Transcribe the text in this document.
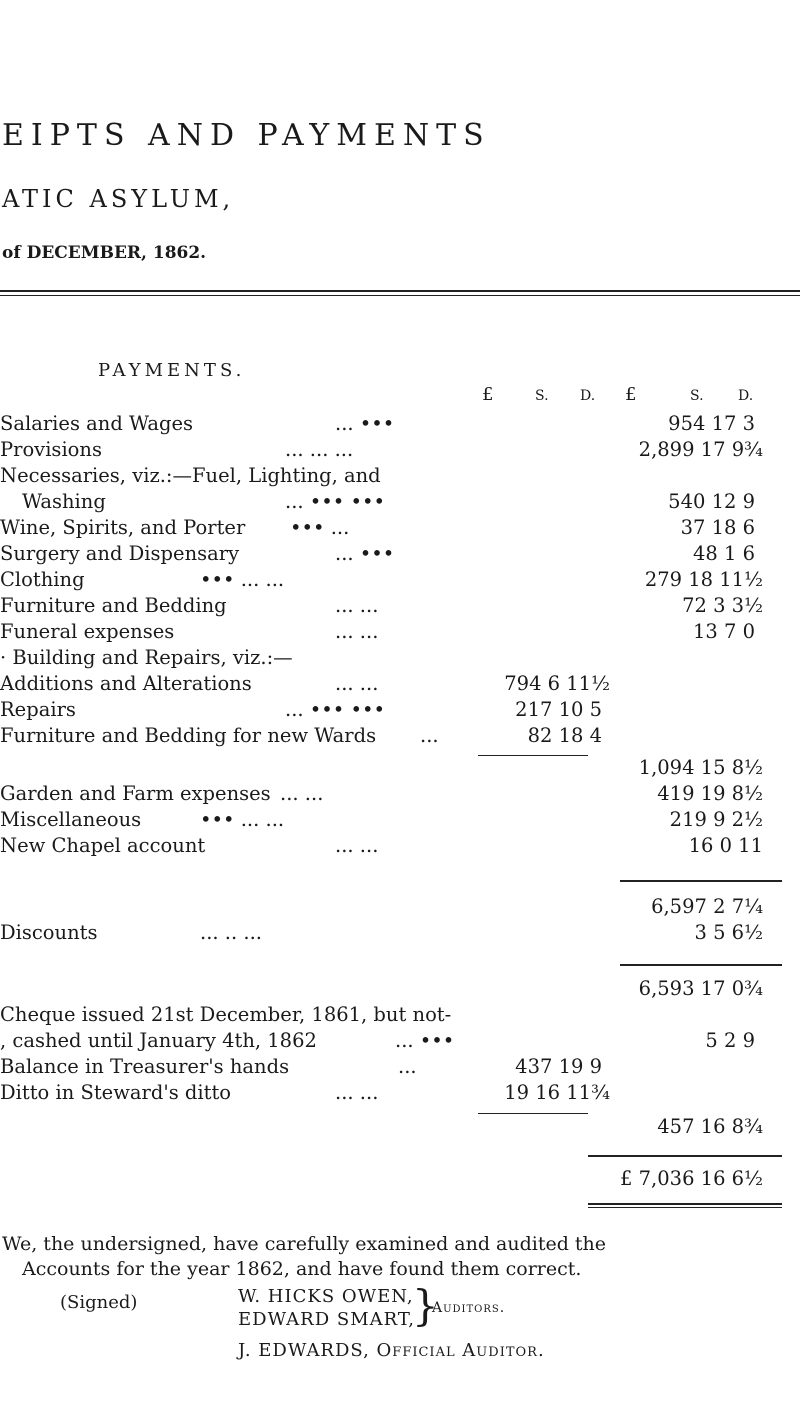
EIPTS AND PAYMENTS
ATIC ASYLUM,
of DECEMBER, 1862.
PAYMENTS.
£	S. D. £	S. D.
Salaries and Wages	... •••	954 17 3
Provisions	... ... ...	2,899 17 9¾
Necessaries, viz.:—Fuel, Lighting, and
Washing	... ••• •••	540 12 9
Wine, Spirits, and Porter ••• ...	37 18 6
Surgery and Dispensary	... •••	48 1 6
Clothing	••• ... ...	279 18 11½
Furniture and Bedding	... ...	72 3 3½
Funeral expenses	... ...	13 7 0
· Building and Repairs, viz.:—
Additions and Alterations	... ...	794 6 11½
Repairs	... ••• •••	217 10 5
Furniture and Bedding for new Wards ...	82 18 4
1,094 15 8½
Garden and Farm expenses ... ...	419 19 8½
Miscellaneous	••• ... ...	219 9 2½
New Chapel account	... ...	16 0 11
6,597 2 7¼
Discounts	... .. ...	3 5 6½
6,593 17 0¾
Cheque issued 21st December, 1861, but not-
, cashed until January 4th, 1862	... •••	5 2 9
Balance in Treasurer's hands	...	437 19 9
Ditto in Steward's ditto	... ...	19 16 11¾
457 16 8¾
£ 7,036 16 6½
We, the undersigned, have carefully examined and audited the
Accounts for the year 1862, and have found them correct.
(Signed)	W. HICKS OWEN,
EDWARD SMART,
}
Auditors.
J. EDWARDS, Official Auditor.
